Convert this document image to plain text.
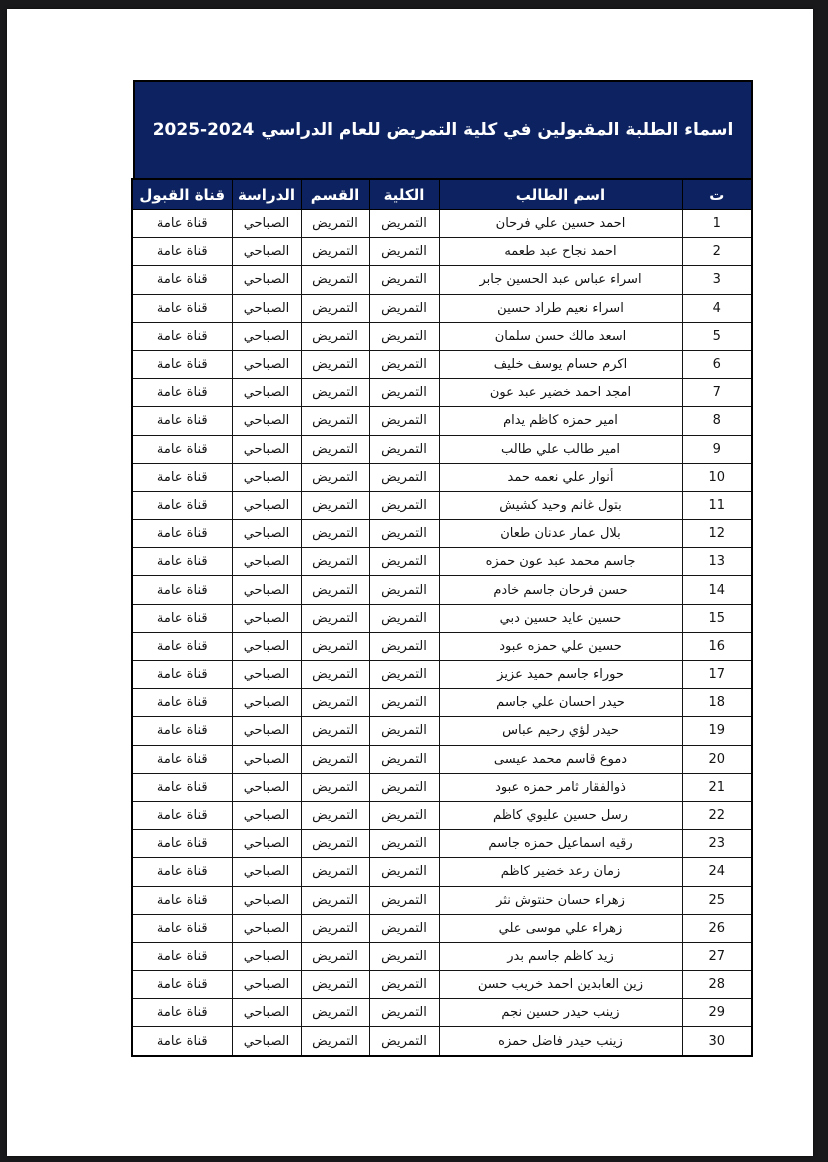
اسماء الطلبة المقبولين في كلية التمريض للعام الدراسي
2025-2024
ت	اسم الطالب	الكلية	القسم	الدراسة	قناة القبول
1	احمد حسين علي فرحان	التمريض	التمريض	الصباحي	قناة عامة
2	احمد نجاح عبد طعمه	التمريض	التمريض	الصباحي	قناة عامة
3	اسراء عباس عبد الحسين جابر	التمريض	التمريض	الصباحي	قناة عامة
4	اسراء نعيم طراد حسين	التمريض	التمريض	الصباحي	قناة عامة
5	اسعد مالك حسن سلمان	التمريض	التمريض	الصباحي	قناة عامة
6	اكرم حسام يوسف خليف	التمريض	التمريض	الصباحي	قناة عامة
7	امجد احمد خضير عبد عون	التمريض	التمريض	الصباحي	قناة عامة
8	امير حمزه كاظم يدام	التمريض	التمريض	الصباحي	قناة عامة
9	امير طالب علي طالب	التمريض	التمريض	الصباحي	قناة عامة
10	أنوار علي نعمه حمد	التمريض	التمريض	الصباحي	قناة عامة
11	بتول غانم وحيد كشيش	التمريض	التمريض	الصباحي	قناة عامة
12	بلال عمار عدنان طعان	التمريض	التمريض	الصباحي	قناة عامة
13	جاسم محمد عبد عون حمزه	التمريض	التمريض	الصباحي	قناة عامة
14	حسن فرحان جاسم خادم	التمريض	التمريض	الصباحي	قناة عامة
15	حسين عايد حسين دبي	التمريض	التمريض	الصباحي	قناة عامة
16	حسين علي حمزه عبود	التمريض	التمريض	الصباحي	قناة عامة
17	حوراء جاسم حميد عزيز	التمريض	التمريض	الصباحي	قناة عامة
18	حيدر احسان علي جاسم	التمريض	التمريض	الصباحي	قناة عامة
19	حيدر لؤي رحيم عباس	التمريض	التمريض	الصباحي	قناة عامة
20	دموع قاسم محمد عيسى	التمريض	التمريض	الصباحي	قناة عامة
21	ذوالفقار ثامر حمزه عبود	التمريض	التمريض	الصباحي	قناة عامة
22	رسل حسين عليوي كاظم	التمريض	التمريض	الصباحي	قناة عامة
23	رقيه اسماعيل حمزه جاسم	التمريض	التمريض	الصباحي	قناة عامة
24	زمان رعد خضير كاظم	التمريض	التمريض	الصباحي	قناة عامة
25	زهراء حسان حنتوش نثر	التمريض	التمريض	الصباحي	قناة عامة
26	زهراء علي موسى علي	التمريض	التمريض	الصباحي	قناة عامة
27	زيد كاظم جاسم بدر	التمريض	التمريض	الصباحي	قناة عامة
28	زين العابدين احمد خريب حسن	التمريض	التمريض	الصباحي	قناة عامة
29	زينب حيدر حسين نجم	التمريض	التمريض	الصباحي	قناة عامة
30	زينب حيدر فاضل حمزه	التمريض	التمريض	الصباحي	قناة عامة
